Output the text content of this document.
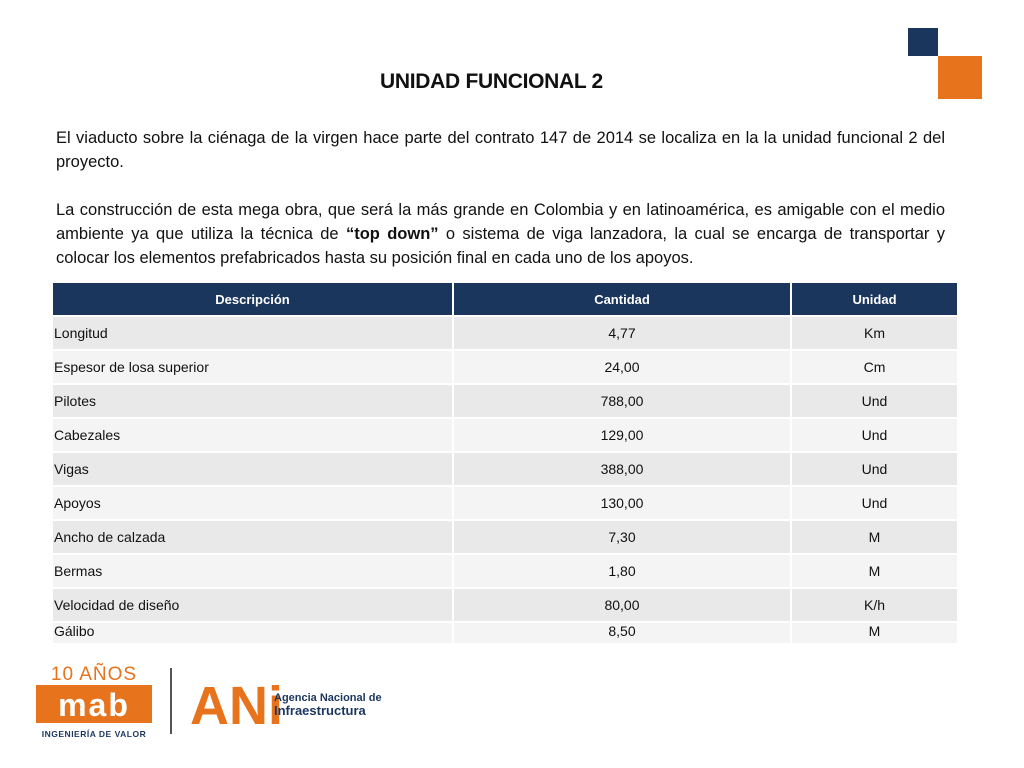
UNIDAD FUNCIONAL 2
El viaducto sobre la ciénaga de la virgen hace parte del contrato 147 de 2014 se localiza en la la unidad funcional 2 del proyecto.
La construcción de esta mega obra, que será la más grande en Colombia y en latinoamérica, es amigable con el medio ambiente ya que utiliza la técnica de “top down” o sistema de viga lanzadora, la cual se encarga de transportar y colocar los elementos prefabricados hasta su posición final en cada uno de los apoyos.
Descripción	Cantidad	Unidad
Longitud	4,77	Km
Espesor de losa superior	24,00	Cm
Pilotes	788,00	Und
Cabezales	129,00	Und
Vigas	388,00	Und
Apoyos	130,00	Und
Ancho de calzada	7,30	M
Bermas	1,80	M
Velocidad de diseño	80,00	K/h
Gálibo	8,50	M
10 AÑOS
mab
INGENIERÍA DE VALOR ANi
Agencia Nacional de
Infraestructura
